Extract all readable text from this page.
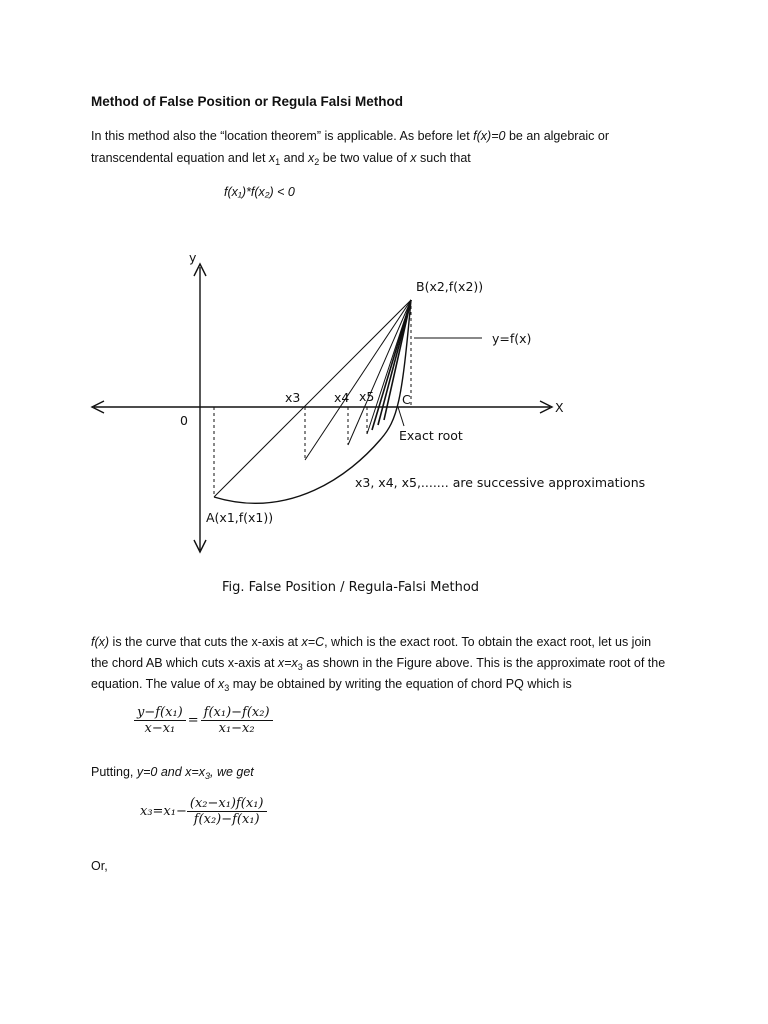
Method of False Position or Regula Falsi Method
In this method also the “location theorem” is applicable. As before let f(x)=0 be an algebraic or
transcendental equation and let $x_1$ and $x_2$ be two value of x such that
f(x₁)*f(x₂) < 0
y
X
0
B(x2,f(x2))
y=f(x)
x3	x4 x5 C
Exact root
x3, x4, x5,....... are successive approximations
A(x1,f(x1))
Fig. False Position / Regula-Falsi Method
f(x) is the curve that cuts the x-axis at x=C, which is the exact root. To obtain the exact root, let us join
the chord AB which cuts x-axis at $x=x_3$ as shown in the Figure above. This is the approximate root of the
equation. The value of $x_3$ may be obtained by writing the equation of chord PQ which is
$\frac{\text{y−f(x₁)}}{\text{x−x₁}} = \frac{\text{f(x₁)−f(x₂)}}{\text{x₁−x₂}}$
Putting, y=0 and $x=x_3$, we get
$x_3=x_1- \frac{\text{(x₂−x₁)f(x₁)}}{\text{f(x₂)−f(x₁)}}$
Or,
